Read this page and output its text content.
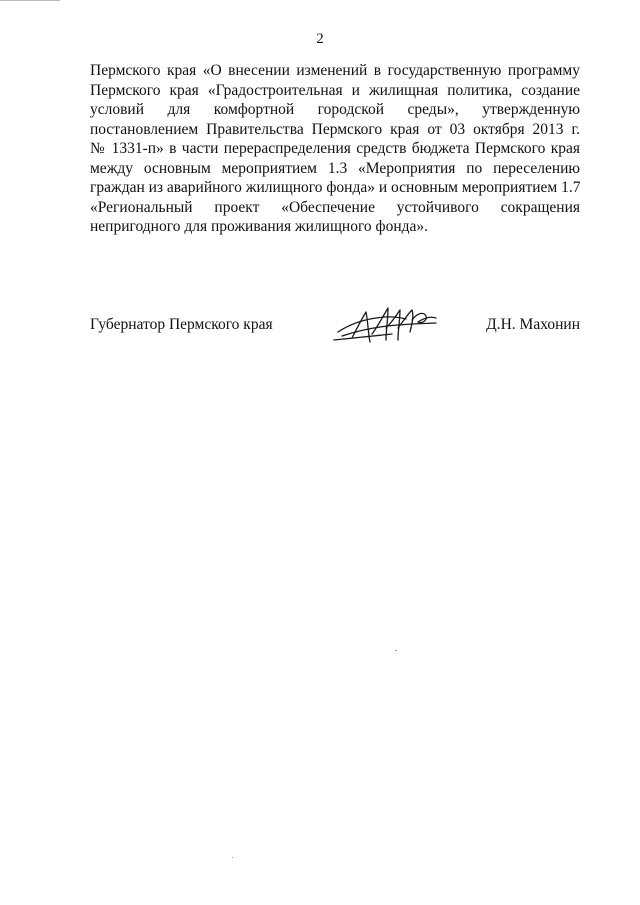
2
Пермского края «О внесении изменений в государственную программу
Пермского края «Градостроительная и жилищная политика, создание
условий для комфортной городской среды», утвержденную
постановлением Правительства Пермского края от 03 октября 2013 г.
№ 1331-п» в части перераспределения средств бюджета Пермского края
между основным мероприятием 1.3 «Мероприятия по переселению
граждан из аварийного жилищного фонда» и основным мероприятием 1.7
«Региональный проект «Обеспечение устойчивого сокращения
непригодного для проживания жилищного фонда».
Губернатор Пермского края	Д.Н. Махонин
